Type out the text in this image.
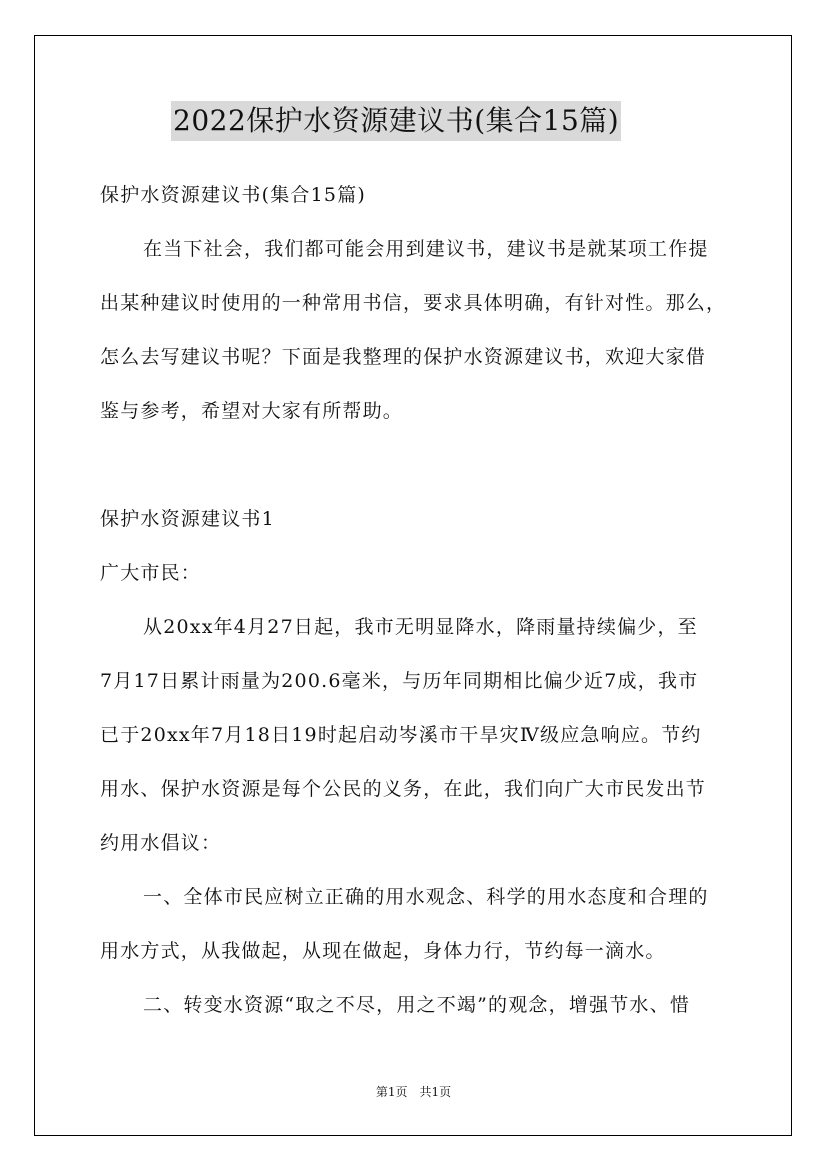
2022保护水资源建议书(集合15篇)
保护水资源建议书(集合15篇)
在当下社会，我们都可能会用到建议书，建议书是就某项工作提
出某种建议时使用的一种常用书信，要求具体明确，有针对性。那么，
怎么去写建议书呢？下面是我整理的保护水资源建议书，欢迎大家借
鉴与参考，希望对大家有所帮助。
保护水资源建议书1
广大市民：
从20xx年4月27日起，我市无明显降水，降雨量持续偏少，至
7月17日累计雨量为200.6毫米，与历年同期相比偏少近7成，我市
已于20xx年7月18日19时起启动岑溪市干旱灾Ⅳ级应急响应。节约
用水、保护水资源是每个公民的义务，在此，我们向广大市民发出节
约用水倡议：
一、全体市民应树立正确的用水观念、科学的用水态度和合理的
用水方式，从我做起，从现在做起，身体力行，节约每一滴水。
二、转变水资源“取之不尽，用之不竭”的观念，增强节水、惜
第1页 共1页
